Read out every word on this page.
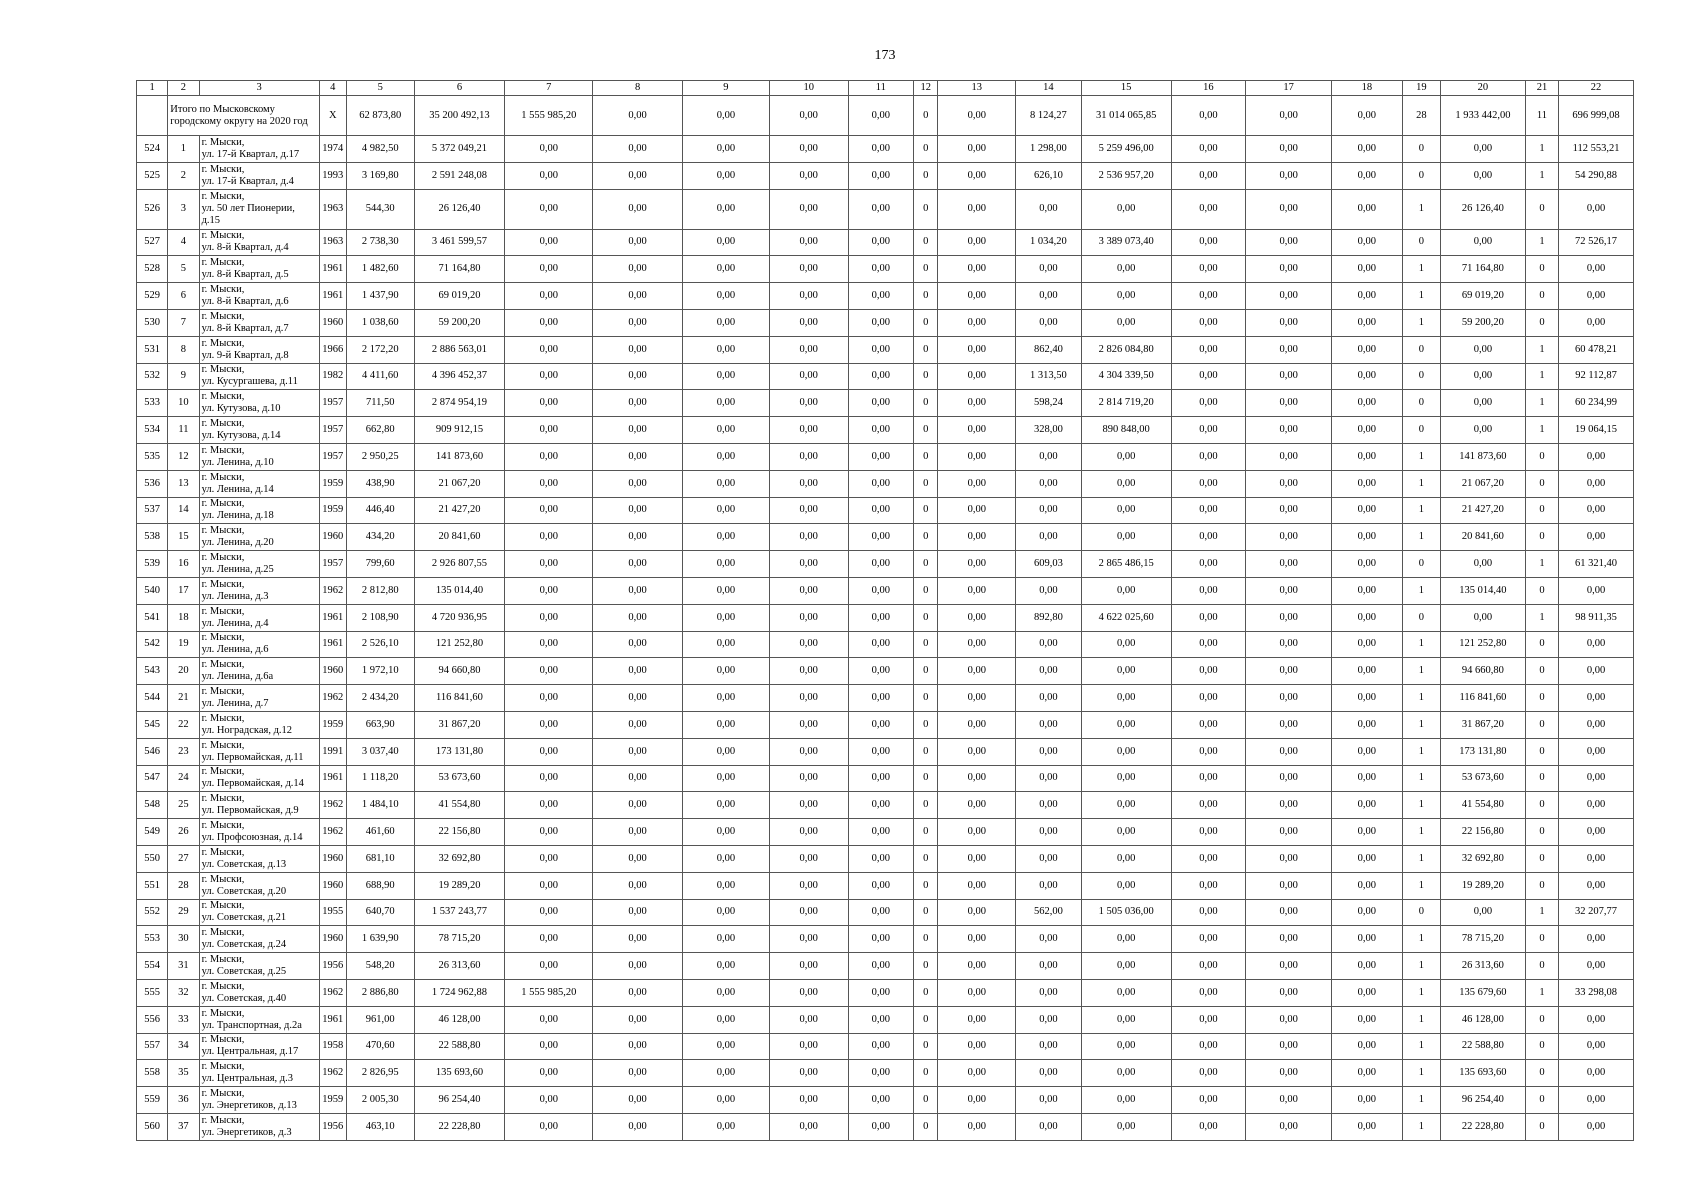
173
1	2	3	4	5	6	7	8	9	10	11	12	13	14	15	16	17	18	19	20	21	22
	Итого по Мысковскому городскому округу на 2020 год		X	62 873,80	35 200 492,13	1 555 985,20	0,00	0,00	0,00	0,00	0	0,00	8 124,27	31 014 065,85	0,00	0,00	0,00	28	1 933 442,00	11	696 999,08
524	1	г. Мыски,
ул. 17-й Квартал, д.17	1974	4 982,50	5 372 049,21	0,00	0,00	0,00	0,00	0,00	0	0,00	1 298,00	5 259 496,00	0,00	0,00	0,00	0	0,00	1	112 553,21
525	2	г. Мыски,
ул. 17-й Квартал, д.4	1993	3 169,80	2 591 248,08	0,00	0,00	0,00	0,00	0,00	0	0,00	626,10	2 536 957,20	0,00	0,00	0,00	0	0,00	1	54 290,88
526	3	г. Мыски,
ул. 50 лет Пионерии,
д.15	1963	544,30	26 126,40	0,00	0,00	0,00	0,00	0,00	0	0,00	0,00	0,00	0,00	0,00	0,00	1	26 126,40	0	0,00
527	4	г. Мыски,
ул. 8-й Квартал, д.4	1963	2 738,30	3 461 599,57	0,00	0,00	0,00	0,00	0,00	0	0,00	1 034,20	3 389 073,40	0,00	0,00	0,00	0	0,00	1	72 526,17
528	5	г. Мыски,
ул. 8-й Квартал, д.5	1961	1 482,60	71 164,80	0,00	0,00	0,00	0,00	0,00	0	0,00	0,00	0,00	0,00	0,00	0,00	1	71 164,80	0	0,00
529	6	г. Мыски,
ул. 8-й Квартал, д.6	1961	1 437,90	69 019,20	0,00	0,00	0,00	0,00	0,00	0	0,00	0,00	0,00	0,00	0,00	0,00	1	69 019,20	0	0,00
530	7	г. Мыски,
ул. 8-й Квартал, д.7	1960	1 038,60	59 200,20	0,00	0,00	0,00	0,00	0,00	0	0,00	0,00	0,00	0,00	0,00	0,00	1	59 200,20	0	0,00
531	8	г. Мыски,
ул. 9-й Квартал, д.8	1966	2 172,20	2 886 563,01	0,00	0,00	0,00	0,00	0,00	0	0,00	862,40	2 826 084,80	0,00	0,00	0,00	0	0,00	1	60 478,21
532	9	г. Мыски,
ул. Кусургашева, д.11	1982	4 411,60	4 396 452,37	0,00	0,00	0,00	0,00	0,00	0	0,00	1 313,50	4 304 339,50	0,00	0,00	0,00	0	0,00	1	92 112,87
533	10	г. Мыски,
ул. Кутузова, д.10	1957	711,50	2 874 954,19	0,00	0,00	0,00	0,00	0,00	0	0,00	598,24	2 814 719,20	0,00	0,00	0,00	0	0,00	1	60 234,99
534	11	г. Мыски,
ул. Кутузова, д.14	1957	662,80	909 912,15	0,00	0,00	0,00	0,00	0,00	0	0,00	328,00	890 848,00	0,00	0,00	0,00	0	0,00	1	19 064,15
535	12	г. Мыски,
ул. Ленина, д.10	1957	2 950,25	141 873,60	0,00	0,00	0,00	0,00	0,00	0	0,00	0,00	0,00	0,00	0,00	0,00	1	141 873,60	0	0,00
536	13	г. Мыски,
ул. Ленина, д.14	1959	438,90	21 067,20	0,00	0,00	0,00	0,00	0,00	0	0,00	0,00	0,00	0,00	0,00	0,00	1	21 067,20	0	0,00
537	14	г. Мыски,
ул. Ленина, д.18	1959	446,40	21 427,20	0,00	0,00	0,00	0,00	0,00	0	0,00	0,00	0,00	0,00	0,00	0,00	1	21 427,20	0	0,00
538	15	г. Мыски,
ул. Ленина, д.20	1960	434,20	20 841,60	0,00	0,00	0,00	0,00	0,00	0	0,00	0,00	0,00	0,00	0,00	0,00	1	20 841,60	0	0,00
539	16	г. Мыски,
ул. Ленина, д.25	1957	799,60	2 926 807,55	0,00	0,00	0,00	0,00	0,00	0	0,00	609,03	2 865 486,15	0,00	0,00	0,00	0	0,00	1	61 321,40
540	17	г. Мыски,
ул. Ленина, д.3	1962	2 812,80	135 014,40	0,00	0,00	0,00	0,00	0,00	0	0,00	0,00	0,00	0,00	0,00	0,00	1	135 014,40	0	0,00
541	18	г. Мыски,
ул. Ленина, д.4	1961	2 108,90	4 720 936,95	0,00	0,00	0,00	0,00	0,00	0	0,00	892,80	4 622 025,60	0,00	0,00	0,00	0	0,00	1	98 911,35
542	19	г. Мыски,
ул. Ленина, д.6	1961	2 526,10	121 252,80	0,00	0,00	0,00	0,00	0,00	0	0,00	0,00	0,00	0,00	0,00	0,00	1	121 252,80	0	0,00
543	20	г. Мыски,
ул. Ленина, д.6а	1960	1 972,10	94 660,80	0,00	0,00	0,00	0,00	0,00	0	0,00	0,00	0,00	0,00	0,00	0,00	1	94 660,80	0	0,00
544	21	г. Мыски,
ул. Ленина, д.7	1962	2 434,20	116 841,60	0,00	0,00	0,00	0,00	0,00	0	0,00	0,00	0,00	0,00	0,00	0,00	1	116 841,60	0	0,00
545	22	г. Мыски,
ул. Ноградская, д.12	1959	663,90	31 867,20	0,00	0,00	0,00	0,00	0,00	0	0,00	0,00	0,00	0,00	0,00	0,00	1	31 867,20	0	0,00
546	23	г. Мыски,
ул. Первомайская, д.11	1991	3 037,40	173 131,80	0,00	0,00	0,00	0,00	0,00	0	0,00	0,00	0,00	0,00	0,00	0,00	1	173 131,80	0	0,00
547	24	г. Мыски,
ул. Первомайская, д.14	1961	1 118,20	53 673,60	0,00	0,00	0,00	0,00	0,00	0	0,00	0,00	0,00	0,00	0,00	0,00	1	53 673,60	0	0,00
548	25	г. Мыски,
ул. Первомайская, д.9	1962	1 484,10	41 554,80	0,00	0,00	0,00	0,00	0,00	0	0,00	0,00	0,00	0,00	0,00	0,00	1	41 554,80	0	0,00
549	26	г. Мыски,
ул. Профсоюзная, д.14	1962	461,60	22 156,80	0,00	0,00	0,00	0,00	0,00	0	0,00	0,00	0,00	0,00	0,00	0,00	1	22 156,80	0	0,00
550	27	г. Мыски,
ул. Советская, д.13	1960	681,10	32 692,80	0,00	0,00	0,00	0,00	0,00	0	0,00	0,00	0,00	0,00	0,00	0,00	1	32 692,80	0	0,00
551	28	г. Мыски,
ул. Советская, д.20	1960	688,90	19 289,20	0,00	0,00	0,00	0,00	0,00	0	0,00	0,00	0,00	0,00	0,00	0,00	1	19 289,20	0	0,00
552	29	г. Мыски,
ул. Советская, д.21	1955	640,70	1 537 243,77	0,00	0,00	0,00	0,00	0,00	0	0,00	562,00	1 505 036,00	0,00	0,00	0,00	0	0,00	1	32 207,77
553	30	г. Мыски,
ул. Советская, д.24	1960	1 639,90	78 715,20	0,00	0,00	0,00	0,00	0,00	0	0,00	0,00	0,00	0,00	0,00	0,00	1	78 715,20	0	0,00
554	31	г. Мыски,
ул. Советская, д.25	1956	548,20	26 313,60	0,00	0,00	0,00	0,00	0,00	0	0,00	0,00	0,00	0,00	0,00	0,00	1	26 313,60	0	0,00
555	32	г. Мыски,
ул. Советская, д.40	1962	2 886,80	1 724 962,88	1 555 985,20	0,00	0,00	0,00	0,00	0	0,00	0,00	0,00	0,00	0,00	0,00	1	135 679,60	1	33 298,08
556	33	г. Мыски,
ул. Транспортная, д.2а	1961	961,00	46 128,00	0,00	0,00	0,00	0,00	0,00	0	0,00	0,00	0,00	0,00	0,00	0,00	1	46 128,00	0	0,00
557	34	г. Мыски,
ул. Центральная, д.17	1958	470,60	22 588,80	0,00	0,00	0,00	0,00	0,00	0	0,00	0,00	0,00	0,00	0,00	0,00	1	22 588,80	0	0,00
558	35	г. Мыски,
ул. Центральная, д.3	1962	2 826,95	135 693,60	0,00	0,00	0,00	0,00	0,00	0	0,00	0,00	0,00	0,00	0,00	0,00	1	135 693,60	0	0,00
559	36	г. Мыски,
ул. Энергетиков, д.13	1959	2 005,30	96 254,40	0,00	0,00	0,00	0,00	0,00	0	0,00	0,00	0,00	0,00	0,00	0,00	1	96 254,40	0	0,00
560	37	г. Мыски,
ул. Энергетиков, д.3	1956	463,10	22 228,80	0,00	0,00	0,00	0,00	0,00	0	0,00	0,00	0,00	0,00	0,00	0,00	1	22 228,80	0	0,00
